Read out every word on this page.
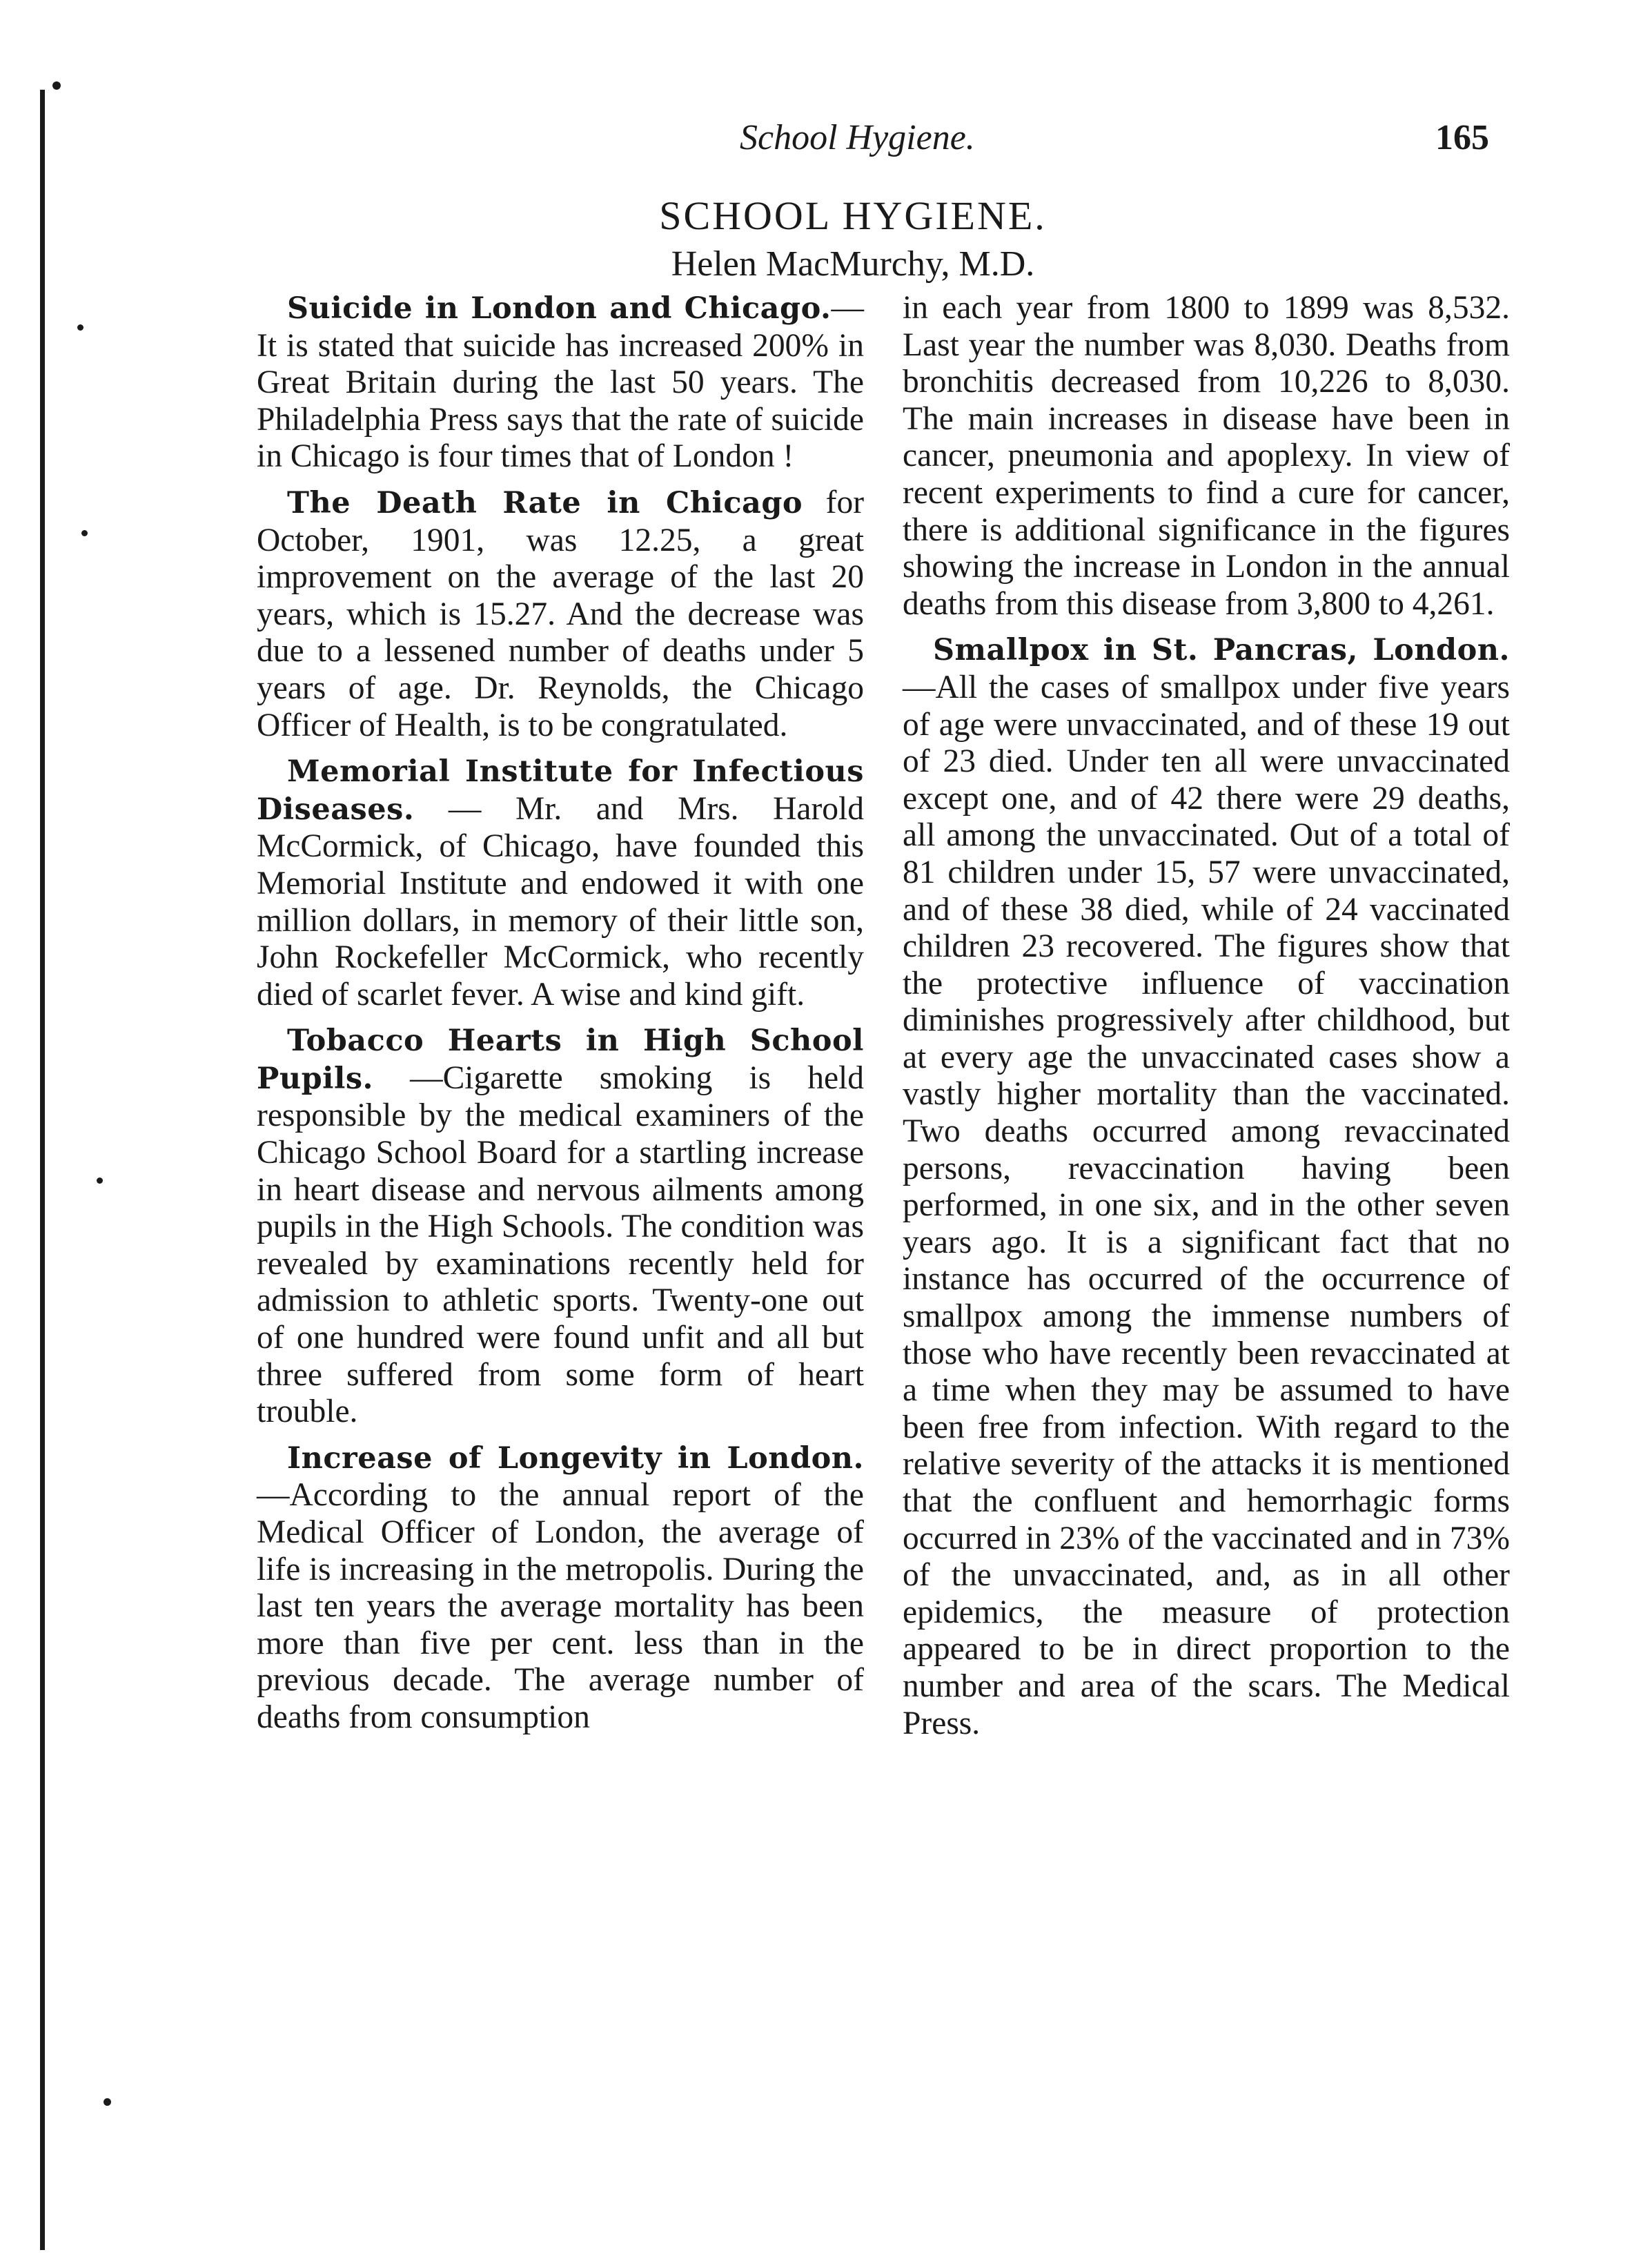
School Hygiene.	165
SCHOOL HYGIENE.
Helen MacMurchy, M.D.

Suicide in London and Chicago.—It is stated that suicide has increased 200% in Great Britain during the last 50 years. The Philadelphia Press says that the rate of suicide in Chicago is four times that of London !

The Death Rate in Chicago for October, 1901, was 12.25, a great improvement on the average of the last 20 years, which is 15.27. And the decrease was due to a lessened number of deaths under 5 years of age. Dr. Reynolds, the Chicago Officer of Health, is to be congratulated.

Memorial Institute for Infectious Diseases. — Mr. and Mrs. Harold McCormick, of Chicago, have founded this Memorial Institute and endowed it with one million dollars, in memory of their little son, John Rockefeller McCormick, who recently died of scarlet fever. A wise and kind gift.

Tobacco Hearts in High School Pupils. —Cigarette smoking is held responsible by the medical examiners of the Chicago School Board for a startling increase in heart disease and nervous ailments among pupils in the High Schools. The condition was revealed by examinations recently held for admission to athletic sports. Twenty-one out of one hundred were found unfit and all but three suffered from some form of heart trouble.

Increase of Longevity in London.—According to the annual report of the Medical Officer of London, the average of life is increasing in the metropolis. During the last ten years the average mortality has been more than five per cent. less than in the previous decade. The average number of deaths from consumption

in each year from 1800 to 1899 was 8,532. Last year the number was 8,030. Deaths from bronchitis decreased from 10,226 to 8,030. The main increases in disease have been in cancer, pneumonia and apoplexy. In view of recent experiments to find a cure for cancer, there is additional significance in the figures showing the increase in London in the annual deaths from this disease from 3,800 to 4,261.

Smallpox in St. Pancras, London.—All the cases of smallpox under five years of age were unvaccinated, and of these 19 out of 23 died. Under ten all were unvaccinated except one, and of 42 there were 29 deaths, all among the unvaccinated. Out of a total of 81 children under 15, 57 were unvaccinated, and of these 38 died, while of 24 vaccinated children 23 recovered. The figures show that the protective influence of vaccination diminishes progressively after childhood, but at every age the unvaccinated cases show a vastly higher mortality than the vaccinated. Two deaths occurred among revaccinated persons, revaccination having been performed, in one six, and in the other seven years ago. It is a significant fact that no instance has occurred of the occurrence of smallpox among the immense numbers of those who have recently been revaccinated at a time when they may be assumed to have been free from infection. With regard to the relative severity of the attacks it is mentioned that the confluent and hemorrhagic forms occurred in 23% of the vaccinated and in 73% of the unvaccinated, and, as in all other epidemics, the measure of protection appeared to be in direct proportion to the number and area of the scars. The Medical Press.
